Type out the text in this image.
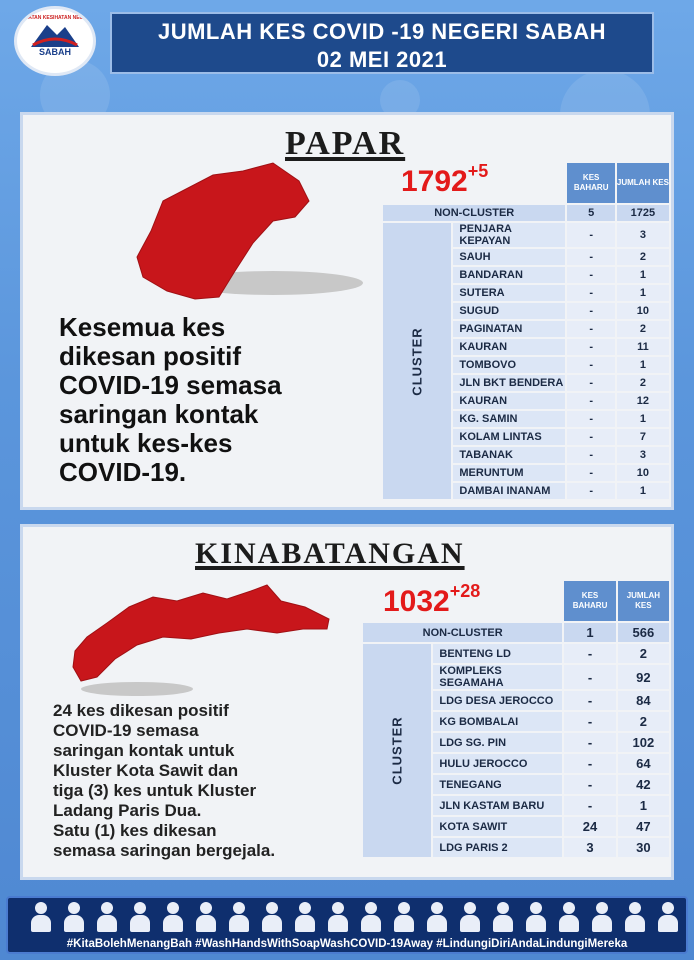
JABATAN KESIHATAN NEGERI
SABAH
JUMLAH KES COVID -19 NEGERI SABAH
02 MEI 2021
PAPAR
$1792^{+5}$
Kesemua kes
dikesan positif
COVID-19 semasa
saringan kontak
untuk kes-kes
COVID-19.
		KES BAHARU	JUMLAH KES
NON-CLUSTER		5	1725
CLUSTER	PENJARA KEPAYAN	-	3
	SAUH	-	2
	BANDARAN	-	1
	SUTERA	-	1
	SUGUD	-	10
	PAGINATAN	-	2
	KAURAN	-	11
	TOMBOVO	-	1
	JLN BKT BENDERA	-	2
	KAURAN	-	12
	KG. SAMIN	-	1
	KOLAM LINTAS	-	7
	TABANAK	-	3
	MERUNTUM	-	10
	DAMBAI INANAM	-	1
KINABATANGAN
$1032^{+28}$
24 kes dikesan positif
COVID-19 semasa
saringan kontak untuk
Kluster Kota Sawit dan
tiga (3) kes untuk Kluster
Ladang Paris Dua.
Satu (1) kes dikesan
semasa saringan bergejala.
		KES BAHARU	JUMLAH KES
NON-CLUSTER		1	566
CLUSTER	BENTENG LD	-	2
	KOMPLEKS SEGAMAHA	-	92
	LDG DESA JEROCCO	-	84
	KG BOMBALAI	-	2
	LDG SG. PIN	-	102
	HULU JEROCCO	-	64
	TENEGANG	-	42
	JLN KASTAM BARU	-	1
	KOTA SAWIT	24	47
	LDG PARIS 2	3	30
#KitaBolehMenangBah #WashHandsWithSoapWashCOVID-19Away #LindungiDiriAndaLindungiMereka
